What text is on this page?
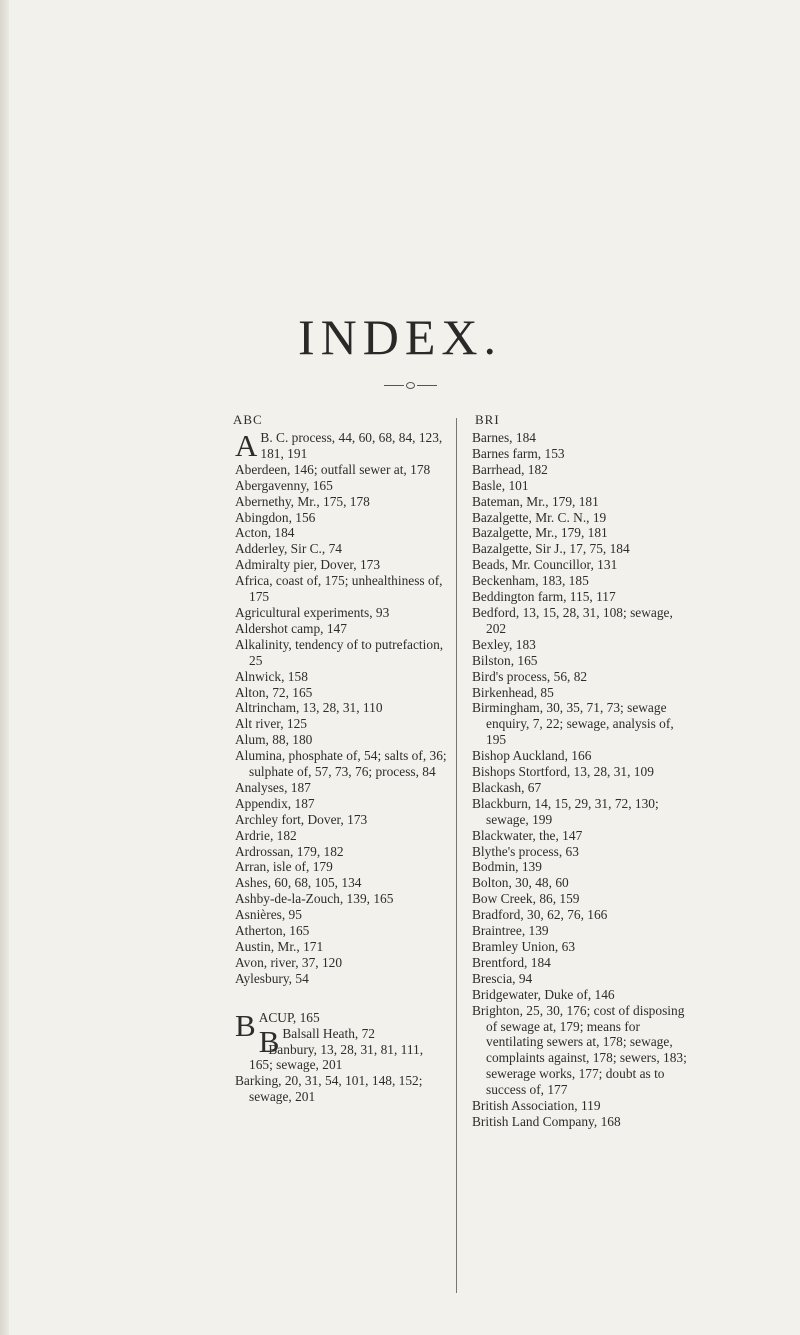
INDEX.
ABC	BRI
A B. C. process, 44, 60, 68, 84, 123, 181, 191
Aberdeen, 146; outfall sewer at, 178
Abergavenny, 165
Abernethy, Mr., 175, 178
Abingdon, 156
Acton, 184
Adderley, Sir C., 74
Admiralty pier, Dover, 173
Africa, coast of, 175; unhealthiness of, 175
Agricultural experiments, 93
Aldershot camp, 147
Alkalinity, tendency of to putrefaction, 25
Alnwick, 158
Alton, 72, 165
Altrincham, 13, 28, 31, 110
Alt river, 125
Alum, 88, 180
Alumina, phosphate of, 54; salts of, 36; sulphate of, 57, 73, 76; process, 84
Analyses, 187
Appendix, 187
Archley fort, Dover, 173
Ardrie, 182
Ardrossan, 179, 182
Arran, isle of, 179
Ashes, 60, 68, 105, 134
Ashby-de-la-Zouch, 139, 165
Asnières, 95
Atherton, 165
Austin, Mr., 171
Avon, river, 37, 120
Aylesbury, 54
BACUP, 165
B Balsall Heath, 72
Banbury, 13, 28, 31, 81, 111, 165; sewage, 201
Barking, 20, 31, 54, 101, 148, 152; sewage, 201
Barnes, 184
Barnes farm, 153
Barrhead, 182
Basle, 101
Bateman, Mr., 179, 181
Bazalgette, Mr. C. N., 19
Bazalgette, Mr., 179, 181
Bazalgette, Sir J., 17, 75, 184
Beads, Mr. Councillor, 131
Beckenham, 183, 185
Beddington farm, 115, 117
Bedford, 13, 15, 28, 31, 108; sewage, 202
Bexley, 183
Bilston, 165
Bird's process, 56, 82
Birkenhead, 85
Birmingham, 30, 35, 71, 73; sewage enquiry, 7, 22; sewage, analysis of, 195
Bishop Auckland, 166
Bishops Stortford, 13, 28, 31, 109
Blackash, 67
Blackburn, 14, 15, 29, 31, 72, 130; sewage, 199
Blackwater, the, 147
Blythe's process, 63
Bodmin, 139
Bolton, 30, 48, 60
Bow Creek, 86, 159
Bradford, 30, 62, 76, 166
Braintree, 139
Bramley Union, 63
Brentford, 184
Brescia, 94
Bridgewater, Duke of, 146
Brighton, 25, 30, 176; cost of disposing of sewage at, 179; means for ventilating sewers at, 178; sewage, complaints against, 178; sewers, 183; sewerage works, 177; doubt as to success of, 177
British Association, 119
British Land Company, 168
